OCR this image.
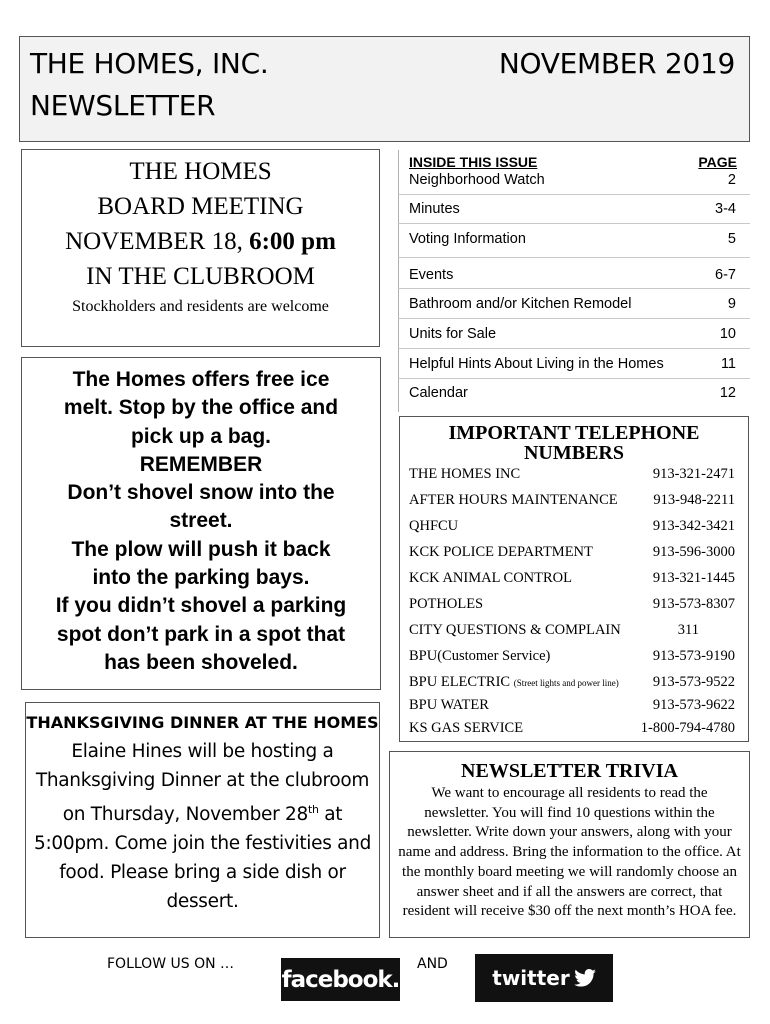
THE HOMES, INC.	NOVEMBER 2019
NEWSLETTER
THE HOMES
BOARD MEETING
NOVEMBER 18, 6:00 pm
IN THE CLUBROOM
Stockholders and residents are welcome
The Homes offers free ice
melt. Stop by the office and
pick up a bag.
REMEMBER
Don’t shovel snow into the
street.
The plow will push it back
into the parking bays.
If you didn’t shovel a parking
spot don’t park in a spot that
has been shoveled.
THANKSGIVING DINNER AT THE HOMES
Elaine Hines will be hosting a Thanksgiving Dinner at the clubroom on Thursday, November 28th at 5:00pm. Come join the festivities and food. Please bring a side dish or dessert.
INSIDE THIS ISSUE	PAGE
Neighborhood Watch	2
Minutes	3-4
Voting Information	5
Events	6-7
Bathroom and/or Kitchen Remodel	9
Units for Sale	10
Helpful Hints About Living in the Homes	11
Calendar	12
IMPORTANT TELEPHONE
NUMBERS
THE HOMES INC	913-321-2471
AFTER HOURS MAINTENANCE 913-948-2211
QHFCU	913-342-3421
KCK POLICE DEPARTMENT	913-596-3000
KCK ANIMAL CONTROL	913-321-1445
POTHOLES	913-573-8307
CITY QUESTIONS & COMPLAIN	311
BPU(Customer Service)	913-573-9190
BPU ELECTRIC (Street lights and power line) 913-573-9522
BPU WATER	913-573-9622
KS GAS SERVICE	1-800-794-4780
NEWSLETTER TRIVIA
We want to encourage all residents to read the newsletter. You will find 10 questions within the newsletter. Write down your answers, along with your name and address. Bring the information to the office. At the monthly board meeting we will randomly choose an answer sheet and if all the answers are correct, that resident will receive $30 off the next month’s HOA fee.
FOLLOW US ON …
facebook.
AND
twitter
